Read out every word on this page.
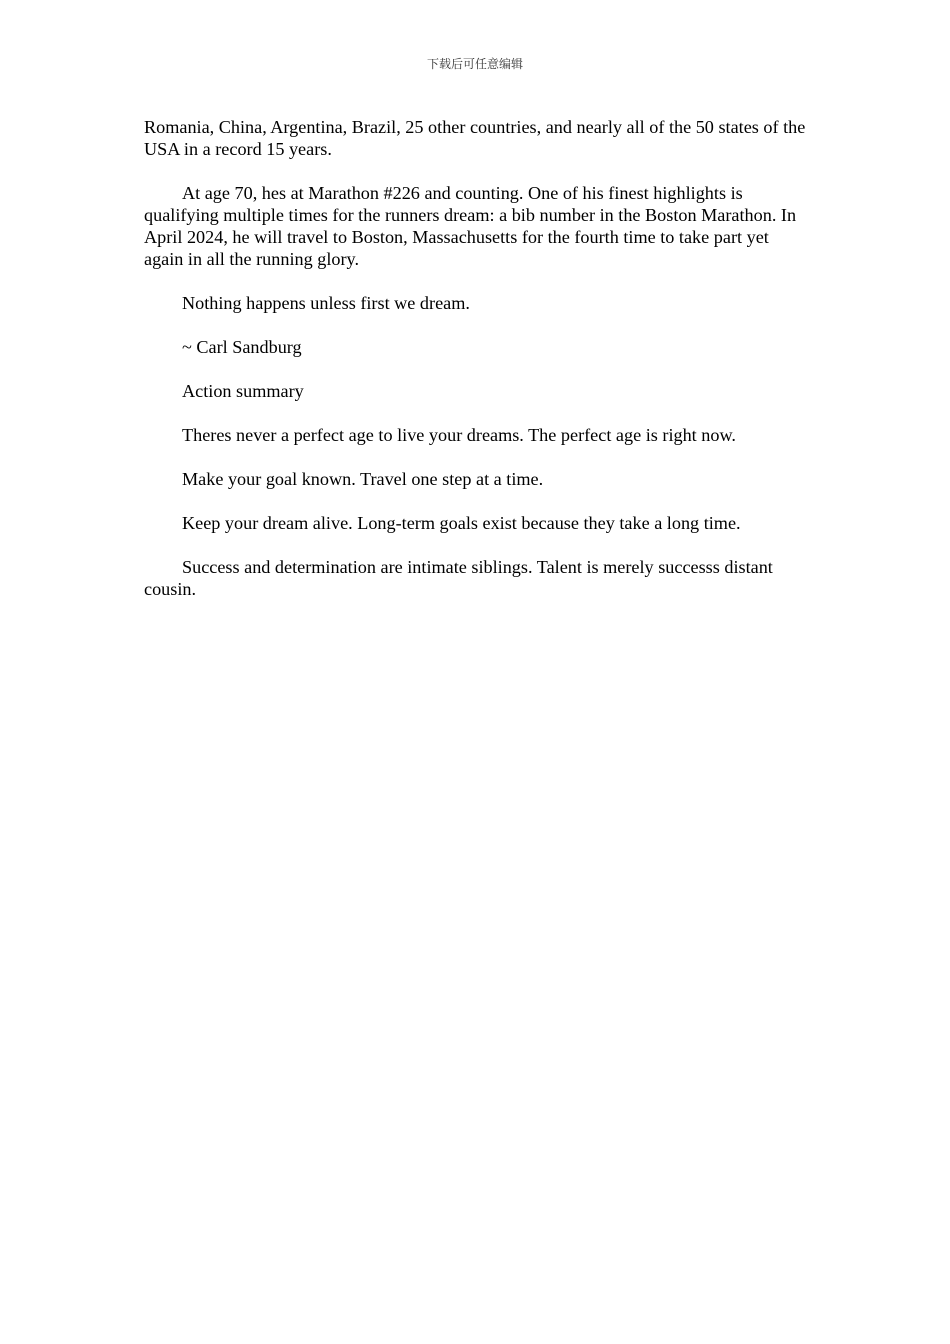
下载后可任意编辑

Romania, China, Argentina, Brazil, 25 other countries, and nearly all of the 50 states of the USA in a record 15 years.

At age 70, hes at Marathon #226 and counting. One of his finest highlights is qualifying multiple times for the runners dream: a bib number in the Boston Marathon. In April 2024, he will travel to Boston, Massachusetts for the fourth time to take part yet again in all the running glory.

Nothing happens unless first we dream.

~ Carl Sandburg

Action summary

Theres never a perfect age to live your dreams. The perfect age is right now.

Make your goal known. Travel one step at a time.

Keep your dream alive. Long-term goals exist because they take a long time.

Success and determination are intimate siblings. Talent is merely successs distant cousin.
